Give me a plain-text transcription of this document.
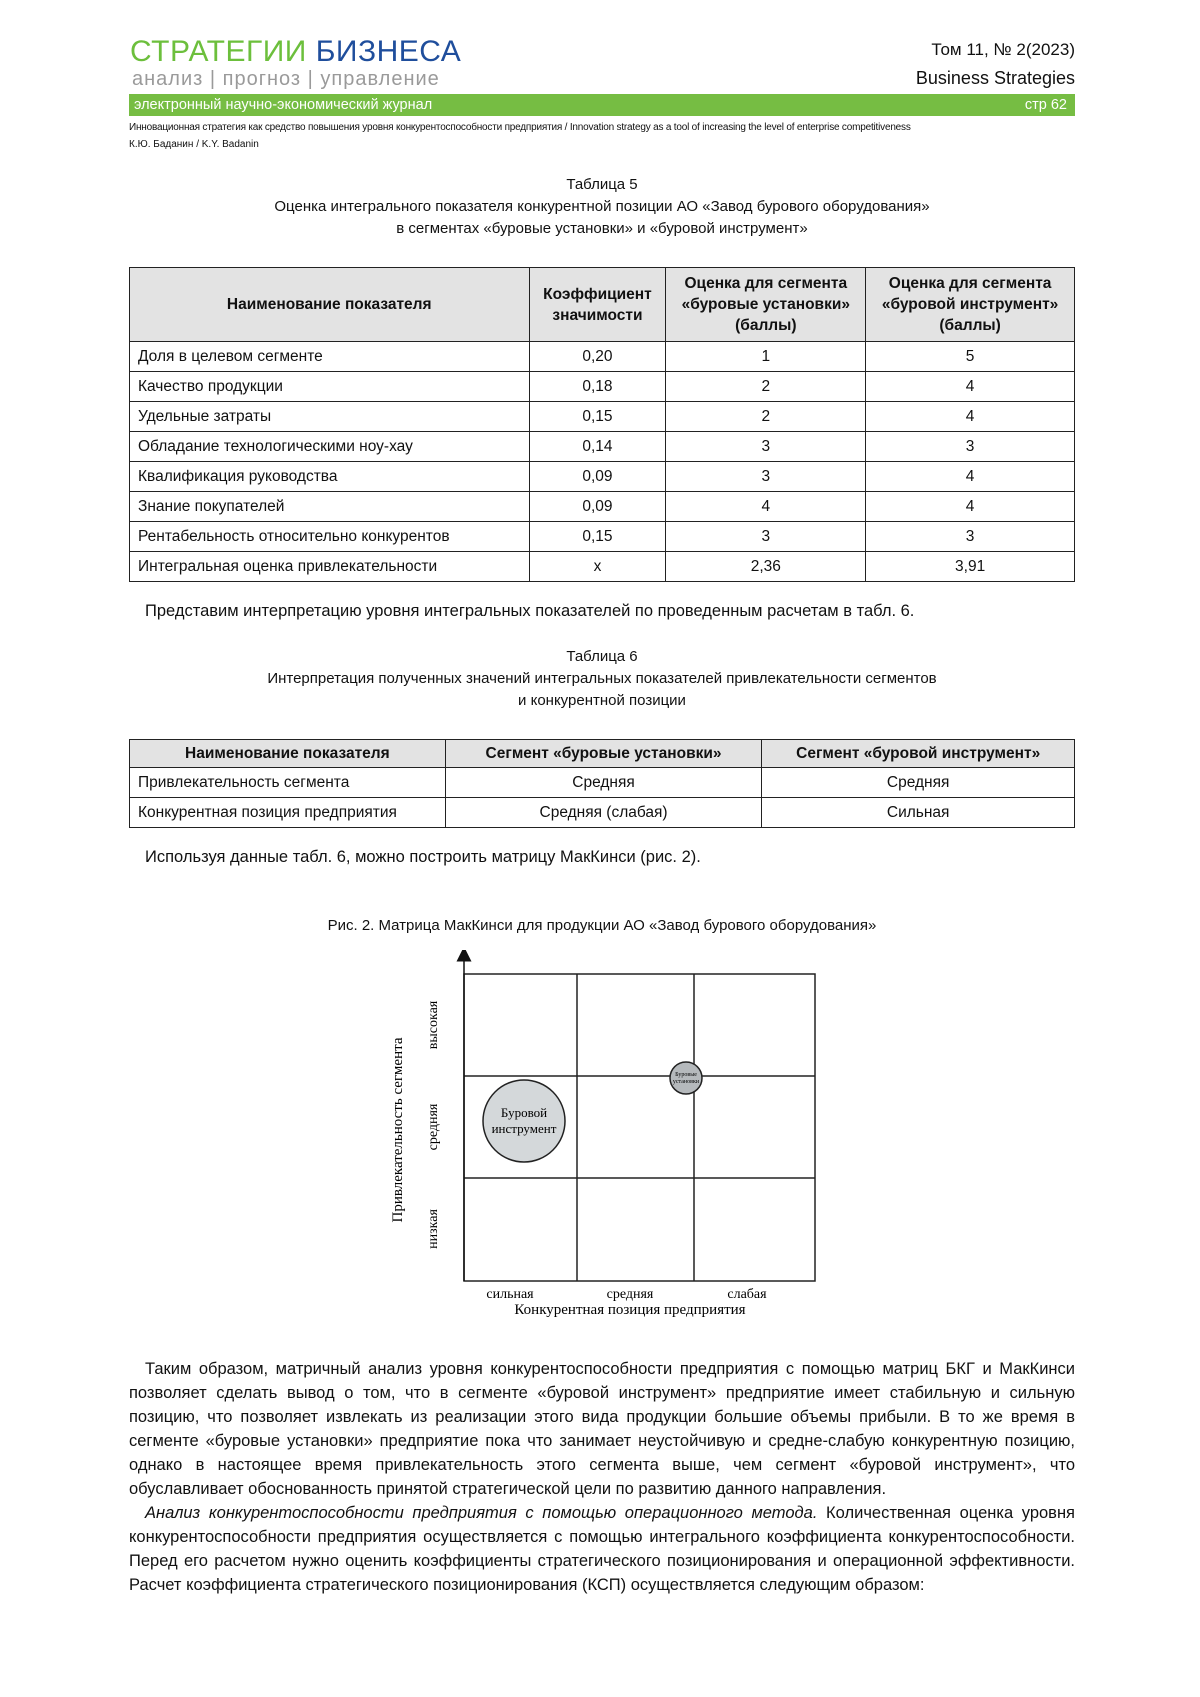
СТРАТЕГИИ БИЗНЕСА
анализ | прогноз | управление
Том 11, № 2(2023)
Business Strategies
электронный научно-экономический журнал	стр 62
Инновационная стратегия как средство повышения уровня конкурентоспособности предприятия / Innovation strategy as a tool of increasing the level of enterprise competitiveness
К.Ю. Баданин / K.Y. Badanin
Таблица 5
Оценка интегрального показателя конкурентной позиции АО «Завод бурового оборудования»
в сегментах «буровые установки» и «буровой инструмент»
Наименование показателя	Коэффициент значимости	Оценка для сегмента «буровые установки» (баллы)	Оценка для сегмента «буровой инструмент» (баллы)
Доля в целевом сегменте	0,20	1	5
Качество продукции	0,18	2	4
Удельные затраты	0,15	2	4
Обладание технологическими ноу-хау	0,14	3	3
Квалификация руководства	0,09	3	4
Знание покупателей	0,09	4	4
Рентабельность относительно конкурентов	0,15	3	3
Интегральная оценка привлекательности	х	2,36	3,91
Представим интерпретацию уровня интегральных показателей по проведенным расчетам в табл. 6.
Таблица 6
Интерпретация полученных значений интегральных показателей привлекательности сегментов
и конкурентной позиции
Наименование показателя	Сегмент «буровые установки»	Сегмент «буровой инструмент»
Привлекательность сегмента	Средняя	Средняя
Конкурентная позиция предприятия	Средняя (слабая)	Сильная
Используя данные табл. 6, можно построить матрицу МакКинси (рис. 2).
Рис. 2. Матрица МакКинси для продукции АО «Завод бурового оборудования»
высокая
средняя
низкая
Привлекательность сегмента
сильная	средняя	слабая
Конкурентная позиция предприятия
Буровой
инструмент
Буровые
установки

Таким образом, матричный анализ уровня конкурентоспособности предприятия с помощью матриц БКГ и МакКинси позволяет сделать вывод о том, что в сегменте «буровой инструмент» предприятие имеет стабильную и сильную позицию, что позволяет извлекать из реализации этого вида продукции большие объемы прибыли. В то же время в сегменте «буровые установки» предприятие пока что занимает неустойчивую и средне-слабую конкурентную позицию, однако в настоящее время привлекательность этого сегмента выше, чем сегмент «буровой инструмент», что обуславливает обоснованность принятой стратегической цели по развитию данного направления.

Анализ конкурентоспособности предприятия с помощью операционного метода. Количественная оценка уровня конкурентоспособности предприятия осуществляется с помощью интегрального коэффициента конкурентоспособности. Перед его расчетом нужно оценить коэффициенты стратегического позиционирования и операционной эффективности. Расчет коэффициента стратегического позиционирования (КСП) осуществляется следующим образом:
